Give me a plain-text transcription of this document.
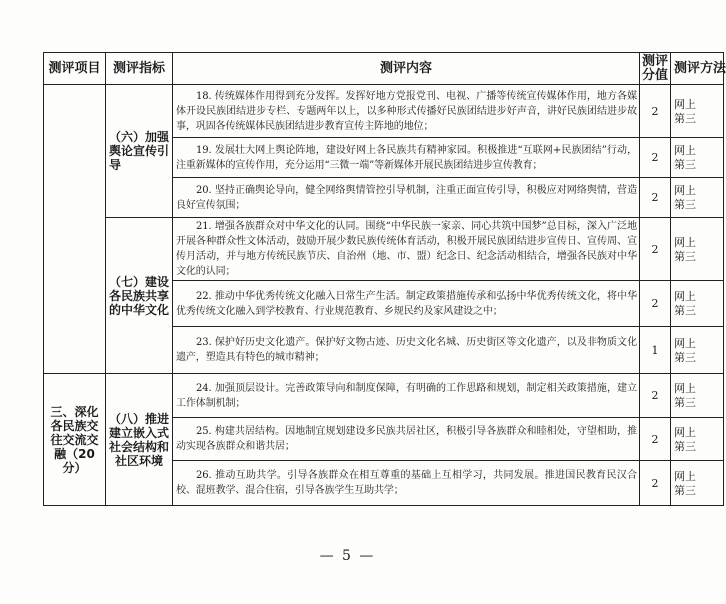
测评项目	测评指标	测评内容	测评分值	测评方法
	（六）加强舆论宣传引导	18. 传统媒体作用得到充分发挥。发挥好地方党报党刊、电视、广播等传统宣传媒体作用，地方各媒体开设民族团结进步专栏、专题两年以上，以多种形式传播好民族团结进步好声音，讲好民族团结进步故事，巩固各传统媒体民族团结进步教育宣传主阵地的地位；	2	网上
第三

		19. 发展壮大网上舆论阵地，建设好网上各民族共有精神家园。积极推进“互联网+民族团结”行动，注重新媒体的宣传作用，充分运用“三微一端”等新媒体开展民族团结进步宣传教育；	2	网上
第三

		20. 坚持正确舆论导向，健全网络舆情管控引导机制，注重正面宣传引导，积极应对网络舆情，营造良好宣传氛围；	2	网上
第三

	（七）建设各民族共享的中华文化	21. 增强各族群众对中华文化的认同。围绕“中华民族一家亲、同心共筑中国梦”总目标，深入广泛地开展各种群众性文体活动，鼓励开展少数民族传统体育活动，积极开展民族团结进步宣传日、宣传周、宣传月活动，并与地方传统民族节庆、自治州（地、市、盟）纪念日、纪念活动相结合，增强各民族对中华文化的认同；	2	网上
第三

		22. 推动中华优秀传统文化融入日常生产生活。制定政策措施传承和弘扬中华优秀传统文化，将中华优秀传统文化融入到学校教育、行业规范教育、乡规民约及家风建设之中；	2	网上
第三

		23. 保护好历史文化遗产。保护好文物古迹、历史文化名城、历史街区等文化遗产，以及非物质文化遗产，塑造具有特色的城市精神；	1	网上
第三

三、深化各民族交往交流交融（20分）	（八）推进建立嵌入式社会结构和社区环境	24. 加强顶层设计。完善政策导向和制度保障，有明确的工作思路和规划，制定相关政策措施，建立工作体制机制；	2	网上
第三

		25. 构建共居结构。因地制宜规划建设多民族共居社区，积极引导各族群众和睦相处，守望相助，推动实现各族群众和谐共居；	2	网上
第三

		26. 推动互助共学。引导各族群众在相互尊重的基础上互相学习，共同发展。推进国民教育民汉合校、混班教学、混合住宿，引导各族学生互助共学；	2	网上
第三
— 5 —
